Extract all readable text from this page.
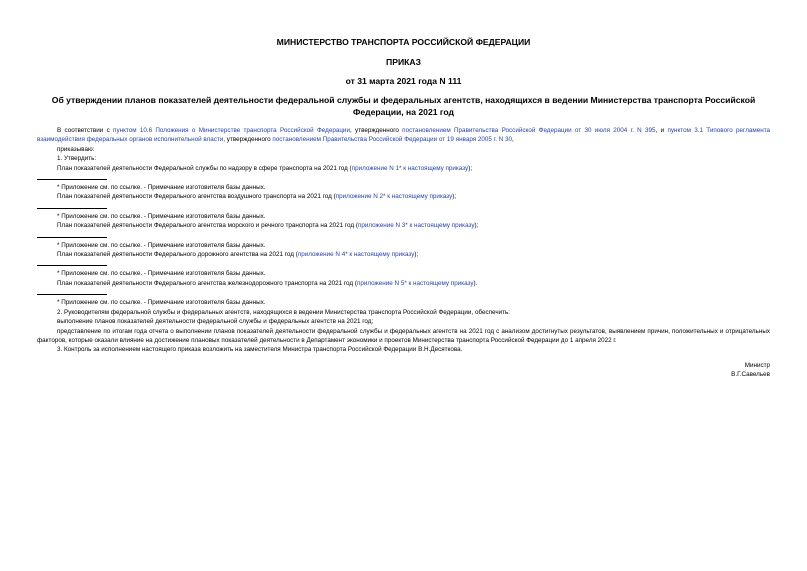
МИНИСТЕРСТВО ТРАНСПОРТА РОССИЙСКОЙ ФЕДЕРАЦИИ
ПРИКАЗ
от 31 марта 2021 года N 111
Об утверждении планов показателей деятельности федеральной службы и федеральных агентств, находящихся в ведении Министерства транспорта Российской Федерации, на 2021 год

В соответствии с пунктом 10.6 Положения о Министерстве транспорта Российской Федерации, утвержденного постановлением Правительства Российской Федерации от 30 июля 2004 г. N 395, и пунктом 3.1 Типового регламента взаимодействия федеральных органов исполнительной власти, утвержденного постановлением Правительства Российской Федерации от 19 января 2005 г. N 30,

приказываю:

1. Утвердить:

План показателей деятельности Федеральной службы по надзору в сфере транспорта на 2021 год (приложение N 1* к настоящему приказу);

* Приложение см. по ссылке. - Примечание изготовителя базы данных.

План показателей деятельности Федерального агентства воздушного транспорта на 2021 год (приложение N 2* к настоящему приказу);

* Приложение см. по ссылке. - Примечание изготовителя базы данных.

План показателей деятельности Федерального агентства морского и речного транспорта на 2021 год (приложение N 3* к настоящему приказу);

* Приложение см. по ссылке. - Примечание изготовителя базы данных.

План показателей деятельности Федерального дорожного агентства на 2021 год (приложение N 4* к настоящему приказу);

* Приложение см. по ссылке. - Примечание изготовителя базы данных.

План показателей деятельности Федерального агентства железнодорожного транспорта на 2021 год (приложение N 5* к настоящему приказу).

* Приложение см. по ссылке. - Примечание изготовителя базы данных.

2. Руководителям федеральной службы и федеральных агентств, находящихся в ведении Министерства транспорта Российской Федерации, обеспечить:

выполнение планов показателей деятельности федеральной службы и федеральных агентств на 2021 год;

представление по итогам года отчета о выполнении планов показателей деятельности федеральной службы и федеральных агентств на 2021 год с анализом достигнутых результатов, выявлением причин, положительных и отрицательных факторов, которые оказали влияние на достижение плановых показателей деятельности в Департамент экономики и проектов Министерства транспорта Российской Федерации до 1 апреля 2022 г.

3. Контроль за исполнением настоящего приказа возложить на заместителя Министра транспорта Российской Федерации В.Н.Десяткова.

Министр
В.Г.Савельев
